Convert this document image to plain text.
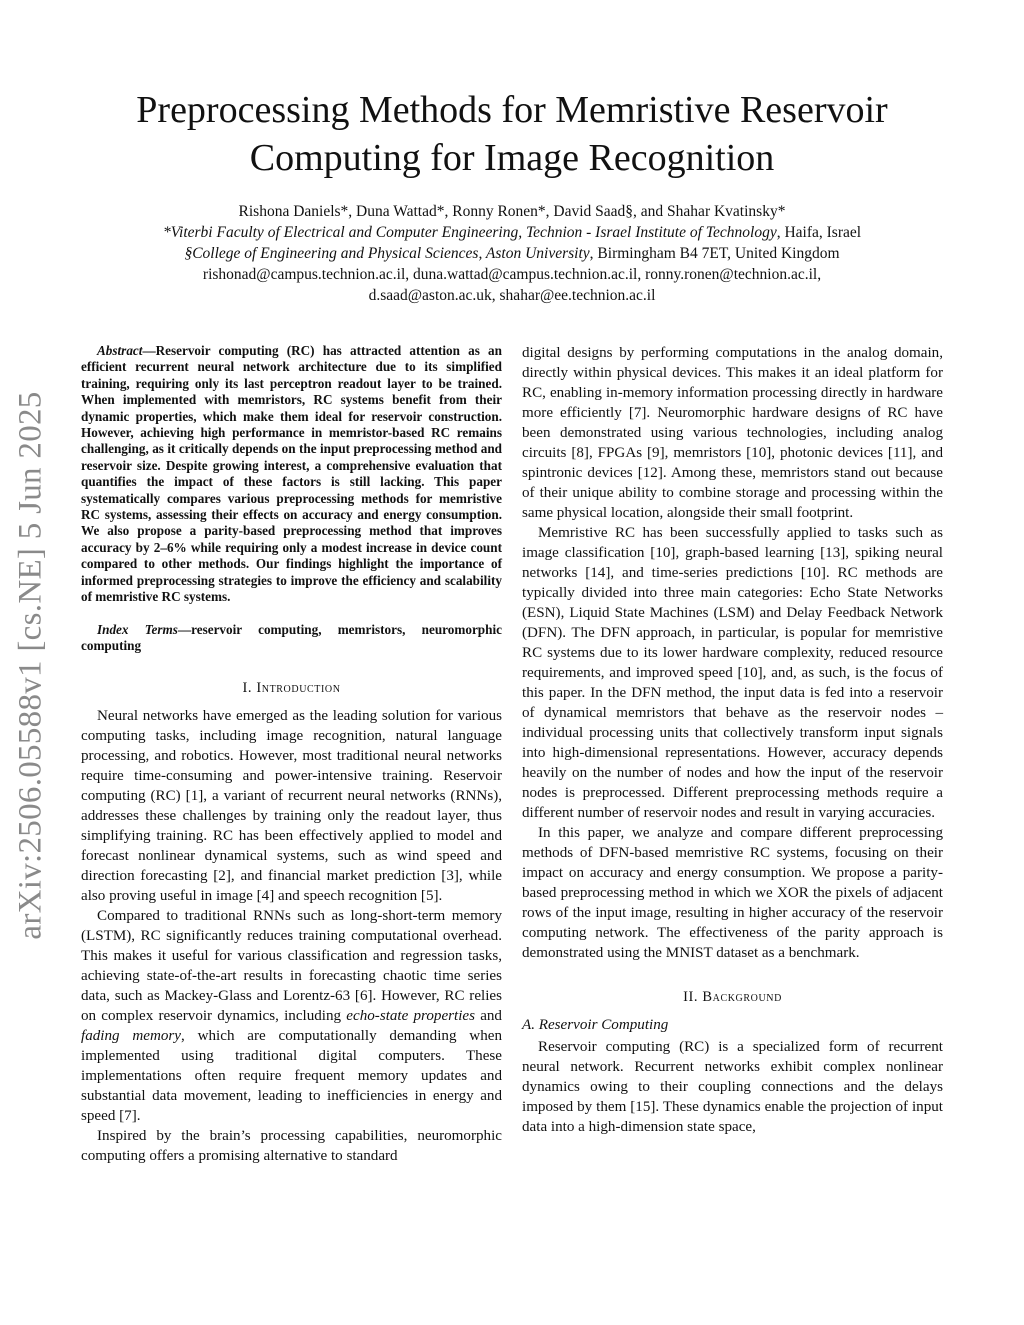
arXiv:2506.05588v1 [cs.NE] 5 Jun 2025
Preprocessing Methods for Memristive Reservoir
Computing for Image Recognition
Rishona Daniels*, Duna Wattad*, Ronny Ronen*, David Saad§, and Shahar Kvatinsky*
*Viterbi Faculty of Electrical and Computer Engineering, Technion - Israel Institute of Technology, Haifa, Israel
§College of Engineering and Physical Sciences, Aston University, Birmingham B4 7ET, United Kingdom
rishonad@campus.technion.ac.il, duna.wattad@campus.technion.ac.il, ronny.ronen@technion.ac.il,
d.saad@aston.ac.uk, shahar@ee.technion.ac.il

Abstract—Reservoir computing (RC) has attracted attention as an efficient recurrent neural network architecture due to its simplified training, requiring only its last perceptron readout layer to be trained. When implemented with memristors, RC systems benefit from their dynamic properties, which make them ideal for reservoir construction. However, achieving high performance in memristor-based RC remains challenging, as it critically depends on the input preprocessing method and reservoir size. Despite growing interest, a comprehensive evaluation that quantifies the impact of these factors is still lacking. This paper systematically compares various preprocessing methods for memristive RC systems, assessing their effects on accuracy and energy consumption. We also propose a parity-based preprocessing method that improves accuracy by 2–6% while requiring only a modest increase in device count compared to other methods. Our findings highlight the importance of informed preprocessing strategies to improve the efficiency and scalability of memristive RC systems.

Index Terms—reservoir computing, memristors, neuromorphic computing

I. Introduction

Neural networks have emerged as the leading solution for various computing tasks, including image recognition, natural language processing, and robotics. However, most traditional neural networks require time-consuming and power-intensive training. Reservoir computing (RC) [1], a variant of recurrent neural networks (RNNs), addresses these challenges by training only the readout layer, thus simplifying training. RC has been effectively applied to model and forecast nonlinear dynamical systems, such as wind speed and direction forecasting [2], and financial market prediction [3], while also proving useful in image [4] and speech recognition [5].

Compared to traditional RNNs such as long-short-term memory (LSTM), RC significantly reduces training computational overhead. This makes it useful for various classification and regression tasks, achieving state-of-the-art results in forecasting chaotic time series data, such as Mackey-Glass and Lorentz-63 [6]. However, RC relies on complex reservoir dynamics, including echo-state properties and fading memory, which are computationally demanding when implemented using traditional digital computers. These implementations often require frequent memory updates and substantial data movement, leading to inefficiencies in energy and speed [7].

Inspired by the brain’s processing capabilities, neuromorphic computing offers a promising alternative to standard

digital designs by performing computations in the analog domain, directly within physical devices. This makes it an ideal platform for RC, enabling in-memory information processing directly in hardware more efficiently [7]. Neuromorphic hardware designs of RC have been demonstrated using various technologies, including analog circuits [8], FPGAs [9], memristors [10], photonic devices [11], and spintronic devices [12]. Among these, memristors stand out because of their unique ability to combine storage and processing within the same physical location, alongside their small footprint.

Memristive RC has been successfully applied to tasks such as image classification [10], graph-based learning [13], spiking neural networks [14], and time-series predictions [10]. RC methods are typically divided into three main categories: Echo State Networks (ESN), Liquid State Machines (LSM) and Delay Feedback Network (DFN). The DFN approach, in particular, is popular for memristive RC systems due to its lower hardware complexity, reduced resource requirements, and improved speed [10], and, as such, is the focus of this paper. In the DFN method, the input data is fed into a reservoir of dynamical memristors that behave as the reservoir nodes – individual processing units that collectively transform input signals into high-dimensional representations. However, accuracy depends heavily on the number of nodes and how the input of the reservoir nodes is preprocessed. Different preprocessing methods require a different number of reservoir nodes and result in varying accuracies.

In this paper, we analyze and compare different preprocessing methods of DFN-based memristive RC systems, focusing on their impact on accuracy and energy consumption. We propose a parity-based preprocessing method in which we XOR the pixels of adjacent rows of the input image, resulting in higher accuracy of the reservoir computing network. The effectiveness of the parity approach is demonstrated using the MNIST dataset as a benchmark.

II. Background
A. Reservoir Computing

Reservoir computing (RC) is a specialized form of recurrent neural network. Recurrent networks exhibit complex nonlinear dynamics owing to their coupling connections and the delays imposed by them [15]. These dynamics enable the projection of input data into a high-dimension state space,
